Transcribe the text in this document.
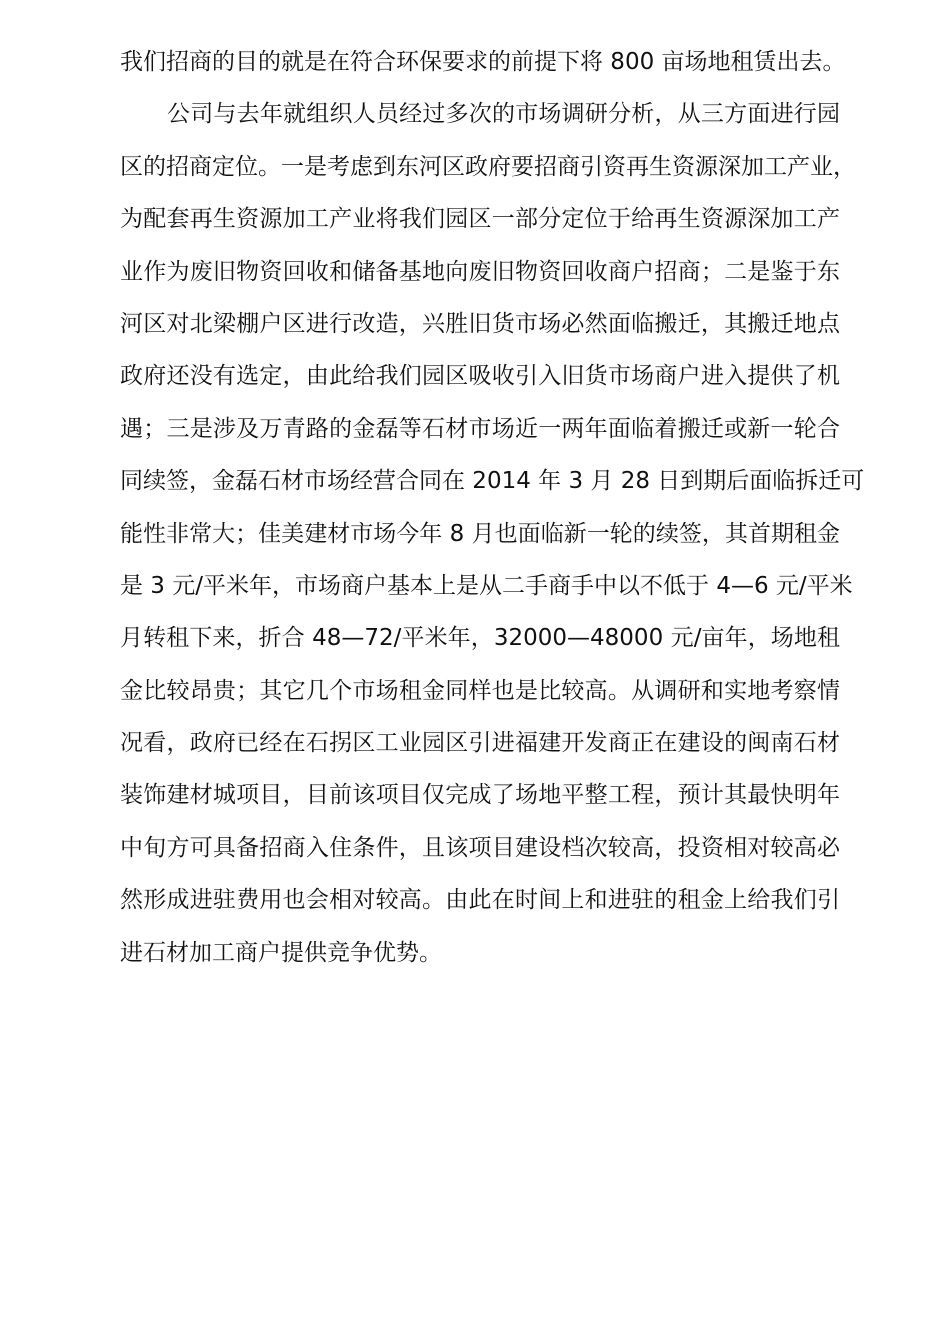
我们招商的目的就是在符合环保要求的前提下将 800 亩场地租赁出去。
公司与去年就组织人员经过多次的市场调研分析，从三方面进行园
区的招商定位。一是考虑到东河区政府要招商引资再生资源深加工产业，
为配套再生资源加工产业将我们园区一部分定位于给再生资源深加工产
业作为废旧物资回收和储备基地向废旧物资回收商户招商；二是鉴于东
河区对北梁棚户区进行改造，兴胜旧货市场必然面临搬迁，其搬迁地点
政府还没有选定，由此给我们园区吸收引入旧货市场商户进入提供了机
遇；三是涉及万青路的金磊等石材市场近一两年面临着搬迁或新一轮合
同续签，金磊石材市场经营合同在 2014 年 3 月 28 日到期后面临拆迁可
能性非常大；佳美建材市场今年 8 月也面临新一轮的续签，其首期租金
是 3 元/平米年，市场商户基本上是从二手商手中以不低于 4—6 元/平米
月转租下来，折合 48—72/平米年，32000—48000 元/亩年，场地租
金比较昂贵；其它几个市场租金同样也是比较高。从调研和实地考察情
况看，政府已经在石拐区工业园区引进福建开发商正在建设的闽南石材
装饰建材城项目，目前该项目仅完成了场地平整工程，预计其最快明年
中旬方可具备招商入住条件，且该项目建设档次较高，投资相对较高必
然形成进驻费用也会相对较高。由此在时间上和进驻的租金上给我们引
进石材加工商户提供竞争优势。
